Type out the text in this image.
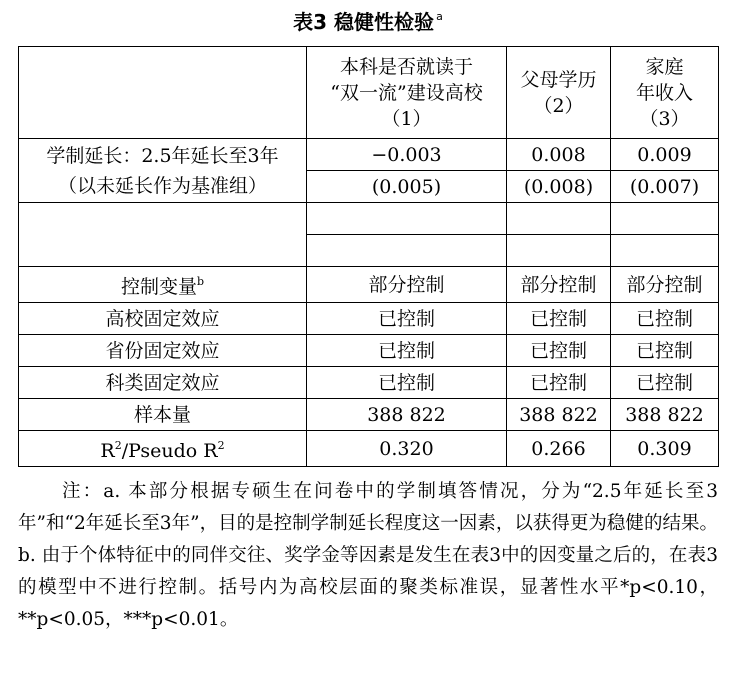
表3 稳健性检验 $^a$
	本科是否就读于
“双一流”建设高校
（1）	父母学历
（2）	家庭
年收入
（3）
学制延长：2.5年延长至3年
（以未延长作为基准组）	−0.003	0.008	0.009
	(0.005)	(0.008)	(0.007)

控制变量$^b$	部分控制	部分控制	部分控制
高校固定效应	已控制	已控制	已控制
省份固定效应	已控制	已控制	已控制
科类固定效应	已控制	已控制	已控制
样本量	388 822	388 822	388 822
$R^2$/Pseudo $R^2$	0.320	0.266	0.309
注：a. 本部分根据专硕生在问卷中的学制填答情况，分为“2.5年延长至3年”和“2年延长至3年”，目的是控制学制延长程度这一因素，以获得更为稳健的结果。b. 由于个体特征中的同伴交往、奖学金等因素是发生在表3中的因变量之后的，在表3的模型中不进行控制。括号内为高校层面的聚类标准误，显著性水平*p<0.10，**p<0.05，***p<0.01。
